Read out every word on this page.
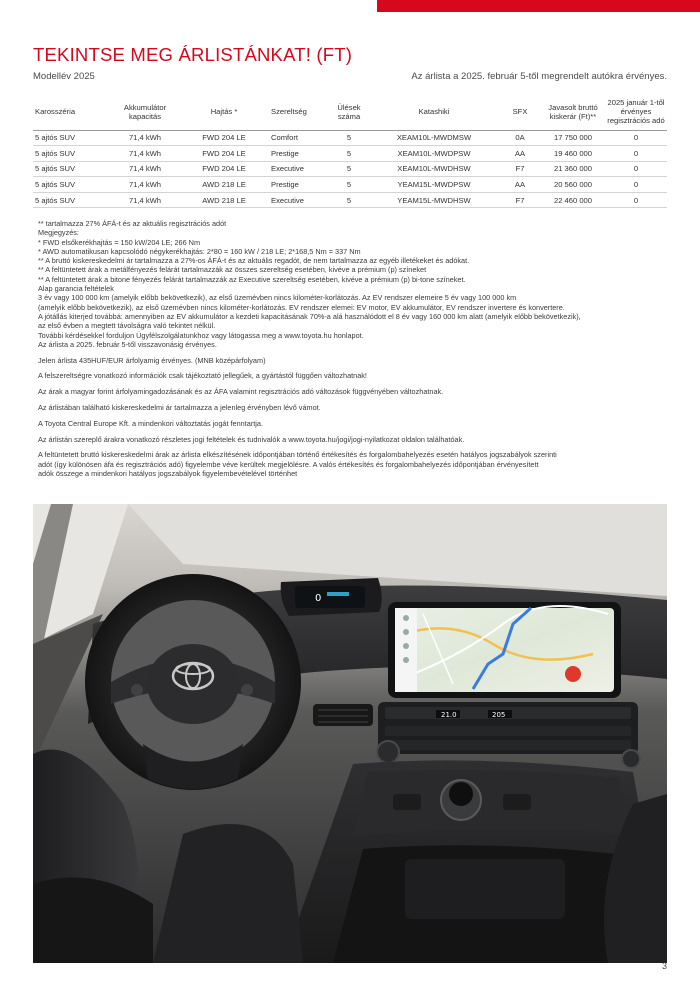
TEKINTSE MEG ÁRLISTÁNKAT! (FT)
Modellév 2025	Az árlista a 2025. február 5-től megrendelt autókra érvényes.
Karosszéria	Akkumulátor kapacitás	Hajtás *	Szereltség	Ülések száma	Katashiki	SFX	Javasolt bruttó kiskerár (Ft)**	2025 január 1-től érvényes regisztrációs adó
5 ajtós SUV	71,4 kWh	FWD 204 LE	Comfort	5	XEAM10L-MWDMSW	0A	17 750 000	0
5 ajtós SUV	71,4 kWh	FWD 204 LE	Prestige	5	XEAM10L-MWDPSW	AA	19 460 000	0
5 ajtós SUV	71,4 kWh	FWD 204 LE	Executive	5	XEAM10L-MWDHSW	F7	21 360 000	0
5 ajtós SUV	71,4 kWh	AWD 218 LE	Prestige	5	YEAM15L-MWDPSW	AA	20 560 000	0
5 ajtós SUV	71,4 kWh	AWD 218 LE	Executive	5	YEAM15L-MWDHSW	F7	22 460 000	0

** tartalmazza 27% ÁFÁ-t és az aktuális regisztrációs adót

Megjegyzés:

* FWD elsőkerékhajtás = 150 kW/204 LE; 266 Nm

* AWD automatikusan kapcsolódó négykerékhajtás: 2*80 = 160 kW / 218 LE; 2*168,5 Nm = 337 Nm

** A bruttó kiskereskedelmi ár tartalmazza a 27%-os ÁFÁ-t és az aktuális regadót, de nem tartalmazza az egyéb illetékeket és adókat.

** A feltüntetett árak a metálfényezés felárát tartalmazzák az összes szereltség esetében, kivéve a prémium (p) színeket

** A feltüntetett árak a bitone fényezés felárát tartalmazzák az Executive szereltség esetében, kivéve a prémium (p) bi-tone színeket.

Alap garancia feltételek

3 év vagy 100 000 km (amelyik előbb bekövetkezik), az első üzemévben nincs kilométer-korlátozás. Az EV rendszer elemeire 5 év vagy 100 000 km

(amelyik előbb bekövetkezik), az első üzemévben nincs kilométer-korlátozás. EV rendszer elemei: EV motor, EV akkumulátor, EV rendszer invertere és konvertere.

A jótállás kiterjed továbbá: amennyiben az EV akkumulátor a kezdeti kapacitásának 70%-a alá használódott el 8 év vagy 160 000 km alatt (amelyik előbb bekövetkezik),

az első évben a megtett távolságra való tekintet nélkül.

További kérdésekkel forduljon Ügyfélszolgálatunkhoz vagy látogassa meg a www.toyota.hu honlapot.

Az árlista a 2025. február 5-től visszavonásig érvényes.

Jelen árlista 435HUF/EUR árfolyamig érvényes. (MNB középárfolyam)

A felszereltségre vonatkozó információk csak tájékoztató jellegűek, a gyártástól függően változhatnak!

Az árak a magyar forint árfolyamingadozásának és az ÁFA valamint regisztrációs adó változások függvényében változhatnak.

Az árlistában található kiskereskedelmi ár tartalmazza a jelenleg érvényben lévő vámot.

A Toyota Central Europe Kft. a mindenkori változtatás jogát fenntartja.

Az árlistán szereplő árakra vonatkozó részletes jogi feltételek és tudnivalók a www.toyota.hu/jogi/jogi-nyilatkozat oldalon találhatóak.

A feltüntetett bruttó kiskereskedelmi árak az árlista elkészítésének időpontjában történő értékesítés és forgalombahelyezés esetén hatályos jogszabályok szerinti

adót (így különösen áfa és regisztrációs adó) figyelembe véve kerültek megjelölésre. A valós értékesítés és forgalombahelyezés időpontjában érvényesített

adók összege a mindenkori hatályos jogszabályok figyelembevételével történhet

0
21.0	205
3
